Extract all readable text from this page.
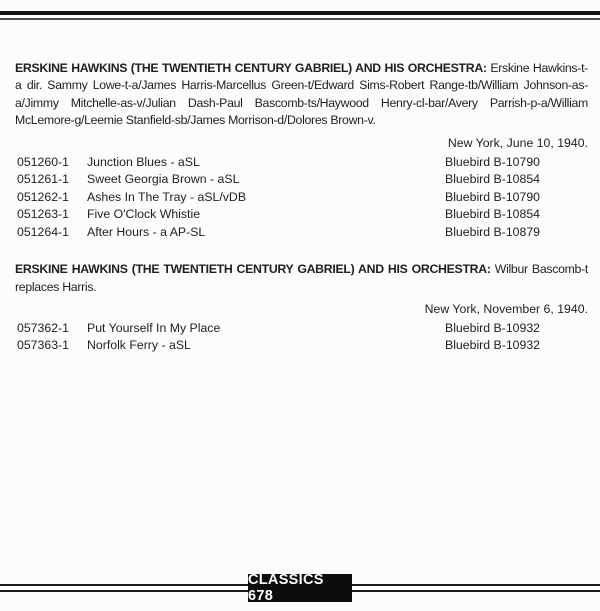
ERSKINE HAWKINS (THE TWENTIETH CENTURY GABRIEL) AND HIS ORCHESTRA: Erskine Hawkins-t-a dir. Sammy Lowe-t-a/James Harris-Marcellus Green-t/Edward Sims-Robert Range-tb/William Johnson-as-a/Jimmy Mitchelle-as-v/Julian Dash-Paul Bascomb-ts/Haywood Henry-cl-bar/Avery Parrish-p-a/William McLemore-g/Leemie Stanfield-sb/James Morrison-d/Dolores Brown-v.

New York, June 10, 1940.
051260-1	Junction Blues - aSL	Bluebird B-10790
051261-1	Sweet Georgia Brown - aSL	Bluebird B-10854
051262-1	Ashes In The Tray - aSL/vDB	Bluebird B-10790
051263-1	Five O'Clock Whistie	Bluebird B-10854
051264-1	After Hours - a AP-SL	Bluebird B-10879

ERSKINE HAWKINS (THE TWENTIETH CENTURY GABRIEL) AND HIS ORCHESTRA: Wilbur Bascomb-t replaces Harris.

New York, November 6, 1940.
057362-1	Put Yourself In My Place	Bluebird B-10932
057363-1	Norfolk Ferry - aSL	Bluebird B-10932
CLASSICS 678
